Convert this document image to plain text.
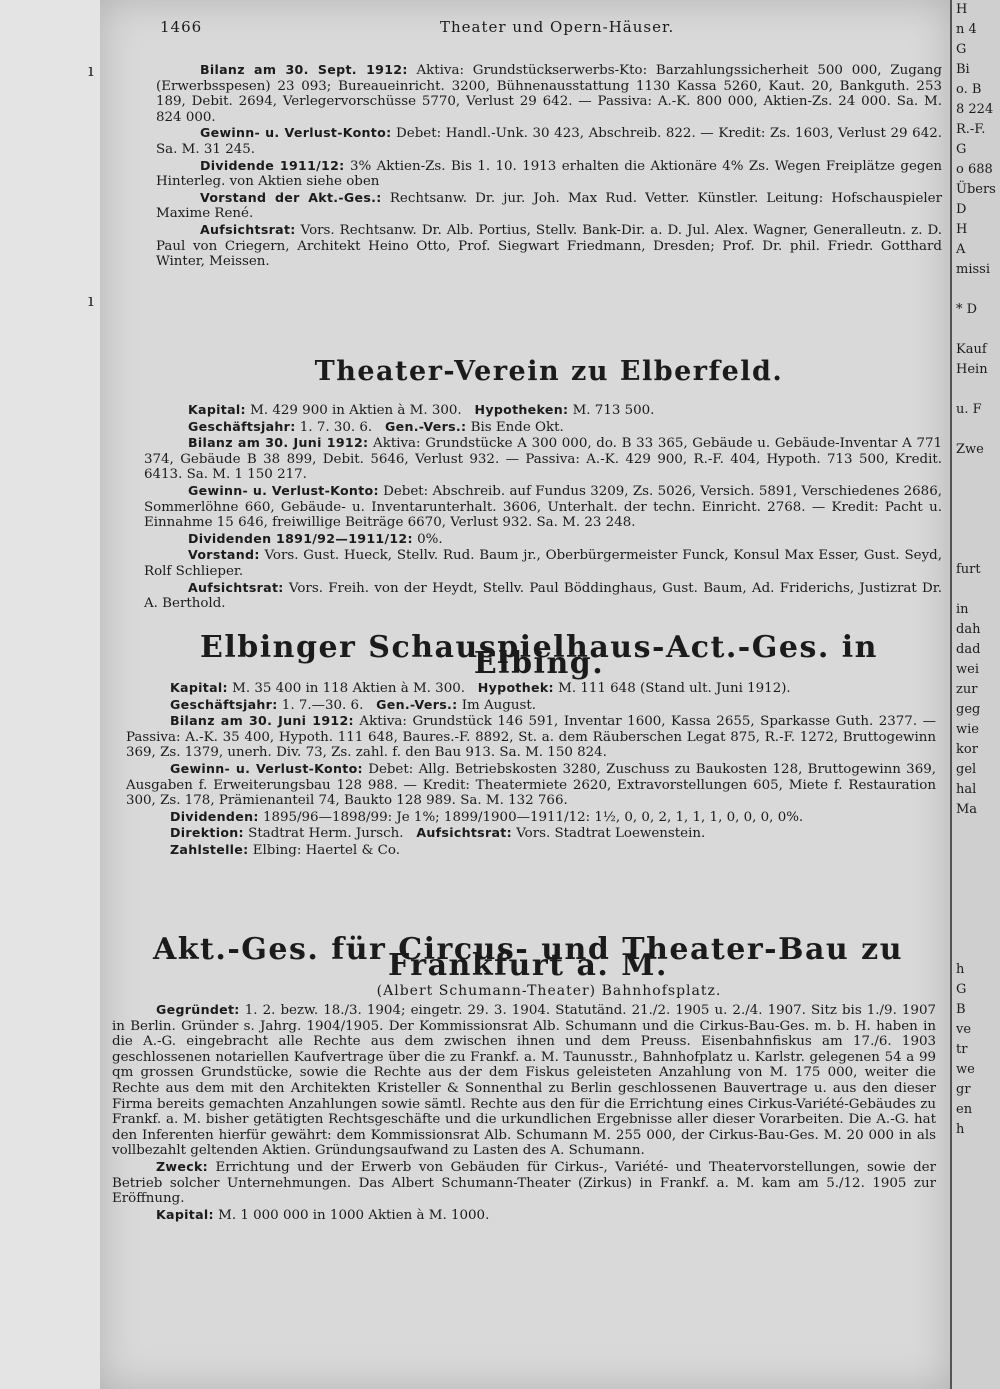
ı
ı
1466	Theater und Opern-Häuser.

Bilanz am 30. Sept. 1912: Aktiva: Grundstückserwerbs-Kto: Barzahlungssicherheit 500 000, Zugang (Erwerbsspesen) 23 093; Bureaueinricht. 3200, Bühnenausstattung 1130 Kassa 5260, Kaut. 20, Bankguth. 253 189, Debit. 2694, Verlegervorschüsse 5770, Verlust 29 642. — Passiva: A.-K. 800 000, Aktien-Zs. 24 000. Sa. M. 824 000.

Gewinn- u. Verlust-Konto: Debet: Handl.-Unk. 30 423, Abschreib. 822. — Kredit: Zs. 1603, Verlust 29 642. Sa. M. 31 245.

Dividende 1911/12: 3% Aktien-Zs. Bis 1. 10. 1913 erhalten die Aktionäre 4% Zs. Wegen Freiplätze gegen Hinterleg. von Aktien siehe oben

Vorstand der Akt.-Ges.: Rechtsanw. Dr. jur. Joh. Max Rud. Vetter. Künstler. Leitung: Hofschauspieler Maxime René.

Aufsichtsrat: Vors. Rechtsanw. Dr. Alb. Portius, Stellv. Bank-Dir. a. D. Jul. Alex. Wagner, Generalleutn. z. D. Paul von Criegern, Architekt Heino Otto, Prof. Siegwart Friedmann, Dresden; Prof. Dr. phil. Friedr. Gotthard Winter, Meissen.

Theater-Verein zu Elberfeld.

Kapital: M. 429 900 in Aktien à M. 300. Hypotheken: M. 713 500.

Geschäftsjahr: 1. 7. 30. 6. Gen.-Vers.: Bis Ende Okt.

Bilanz am 30. Juni 1912: Aktiva: Grundstücke A 300 000, do. B 33 365, Gebäude u. Gebäude-Inventar A 771 374, Gebäude B 38 899, Debit. 5646, Verlust 932. — Passiva: A.-K. 429 900, R.-F. 404, Hypoth. 713 500, Kredit. 6413. Sa. M. 1 150 217.

Gewinn- u. Verlust-Konto: Debet: Abschreib. auf Fundus 3209, Zs. 5026, Versich. 5891, Verschiedenes 2686, Sommerlöhne 660, Gebäude- u. Inventarunterhalt. 3606, Unterhalt. der techn. Einricht. 2768. — Kredit: Pacht u. Einnahme 15 646, freiwillige Beiträge 6670, Verlust 932. Sa. M. 23 248.

Dividenden 1891/92—1911/12: 0%.

Vorstand: Vors. Gust. Hueck, Stellv. Rud. Baum jr., Oberbürgermeister Funck, Konsul Max Esser, Gust. Seyd, Rolf Schlieper.

Aufsichtsrat: Vors. Freih. von der Heydt, Stellv. Paul Böddinghaus, Gust. Baum, Ad. Friderichs, Justizrat Dr. A. Berthold.

Elbinger Schauspielhaus-Act.-Ges. in Elbing.

Kapital: M. 35 400 in 118 Aktien à M. 300. Hypothek: M. 111 648 (Stand ult. Juni 1912).

Geschäftsjahr: 1. 7.—30. 6. Gen.-Vers.: Im August.

Bilanz am 30. Juni 1912: Aktiva: Grundstück 146 591, Inventar 1600, Kassa 2655, Sparkasse Guth. 2377. — Passiva: A.-K. 35 400, Hypoth. 111 648, Baures.-F. 8892, St. a. dem Räuberschen Legat 875, R.-F. 1272, Bruttogewinn 369, Zs. 1379, unerh. Div. 73, Zs. zahl. f. den Bau 913. Sa. M. 150 824.

Gewinn- u. Verlust-Konto: Debet: Allg. Betriebskosten 3280, Zuschuss zu Baukosten 128, Bruttogewinn 369, Ausgaben f. Erweiterungsbau 128 988. — Kredit: Theatermiete 2620, Extravorstellungen 605, Miete f. Restauration 300, Zs. 178, Prämienanteil 74, Baukto 128 989. Sa. M. 132 766.

Dividenden: 1895/96—1898/99: Je 1%; 1899/1900—1911/12: 1½, 0, 0, 2, 1, 1, 1, 0, 0, 0, 0%.

Direktion: Stadtrat Herm. Jursch. Aufsichtsrat: Vors. Stadtrat Loewenstein.

Zahlstelle: Elbing: Haertel & Co.

Akt.-Ges. für Circus- und Theater-Bau zu Frankfurt a. M.
(Albert Schumann-Theater) Bahnhofsplatz.

Gegründet: 1. 2. bezw. 18./3. 1904; eingetr. 29. 3. 1904. Statutänd. 21./2. 1905 u. 2./4. 1907. Sitz bis 1./9. 1907 in Berlin. Gründer s. Jahrg. 1904/1905. Der Kommissionsrat Alb. Schumann und die Cirkus-Bau-Ges. m. b. H. haben in die A.-G. eingebracht alle Rechte aus dem zwischen ihnen und dem Preuss. Eisenbahnfiskus am 17./6. 1903 geschlossenen notariellen Kaufvertrage über die zu Frankf. a. M. Taunusstr., Bahnhofplatz u. Karlstr. gelegenen 54 a 99 qm grossen Grundstücke, sowie die Rechte aus der dem Fiskus geleisteten Anzahlung von M. 175 000, weiter die Rechte aus dem mit den Architekten Kristeller & Sonnenthal zu Berlin geschlossenen Bauvertrage u. aus den dieser Firma bereits gemachten Anzahlungen sowie sämtl. Rechte aus den für die Errichtung eines Cirkus-Variété-Gebäudes zu Frankf. a. M. bisher getätigten Rechtsgeschäfte und die urkundlichen Ergebnisse aller dieser Vorarbeiten. Die A.-G. hat den Inferenten hierfür gewährt: dem Kommissionsrat Alb. Schumann M. 255 000, der Cirkus-Bau-Ges. M. 20 000 in als vollbezahlt geltenden Aktien. Gründungsaufwand zu Lasten des A. Schumann.

Zweck: Errichtung und der Erwerb von Gebäuden für Cirkus-, Variété- und Theatervorstellungen, sowie der Betrieb solcher Unternehmungen. Das Albert Schumann-Theater (Zirkus) in Frankf. a. M. kam am 5./12. 1905 zur Eröffnung.

Kapital: M. 1 000 000 in 1000 Aktien à M. 1000.

H
n 4
G
Bi
o. B
8 224
R.-F.
G
o 688
Übers
D
H
A
missi

* D

Kauf
Hein

u. F

Zwe

furt

in
dah
dad
wei
zur
geg
wie
kor
gel
hal
Ma

h
G
B
ve
tr
we
gr
en
h
